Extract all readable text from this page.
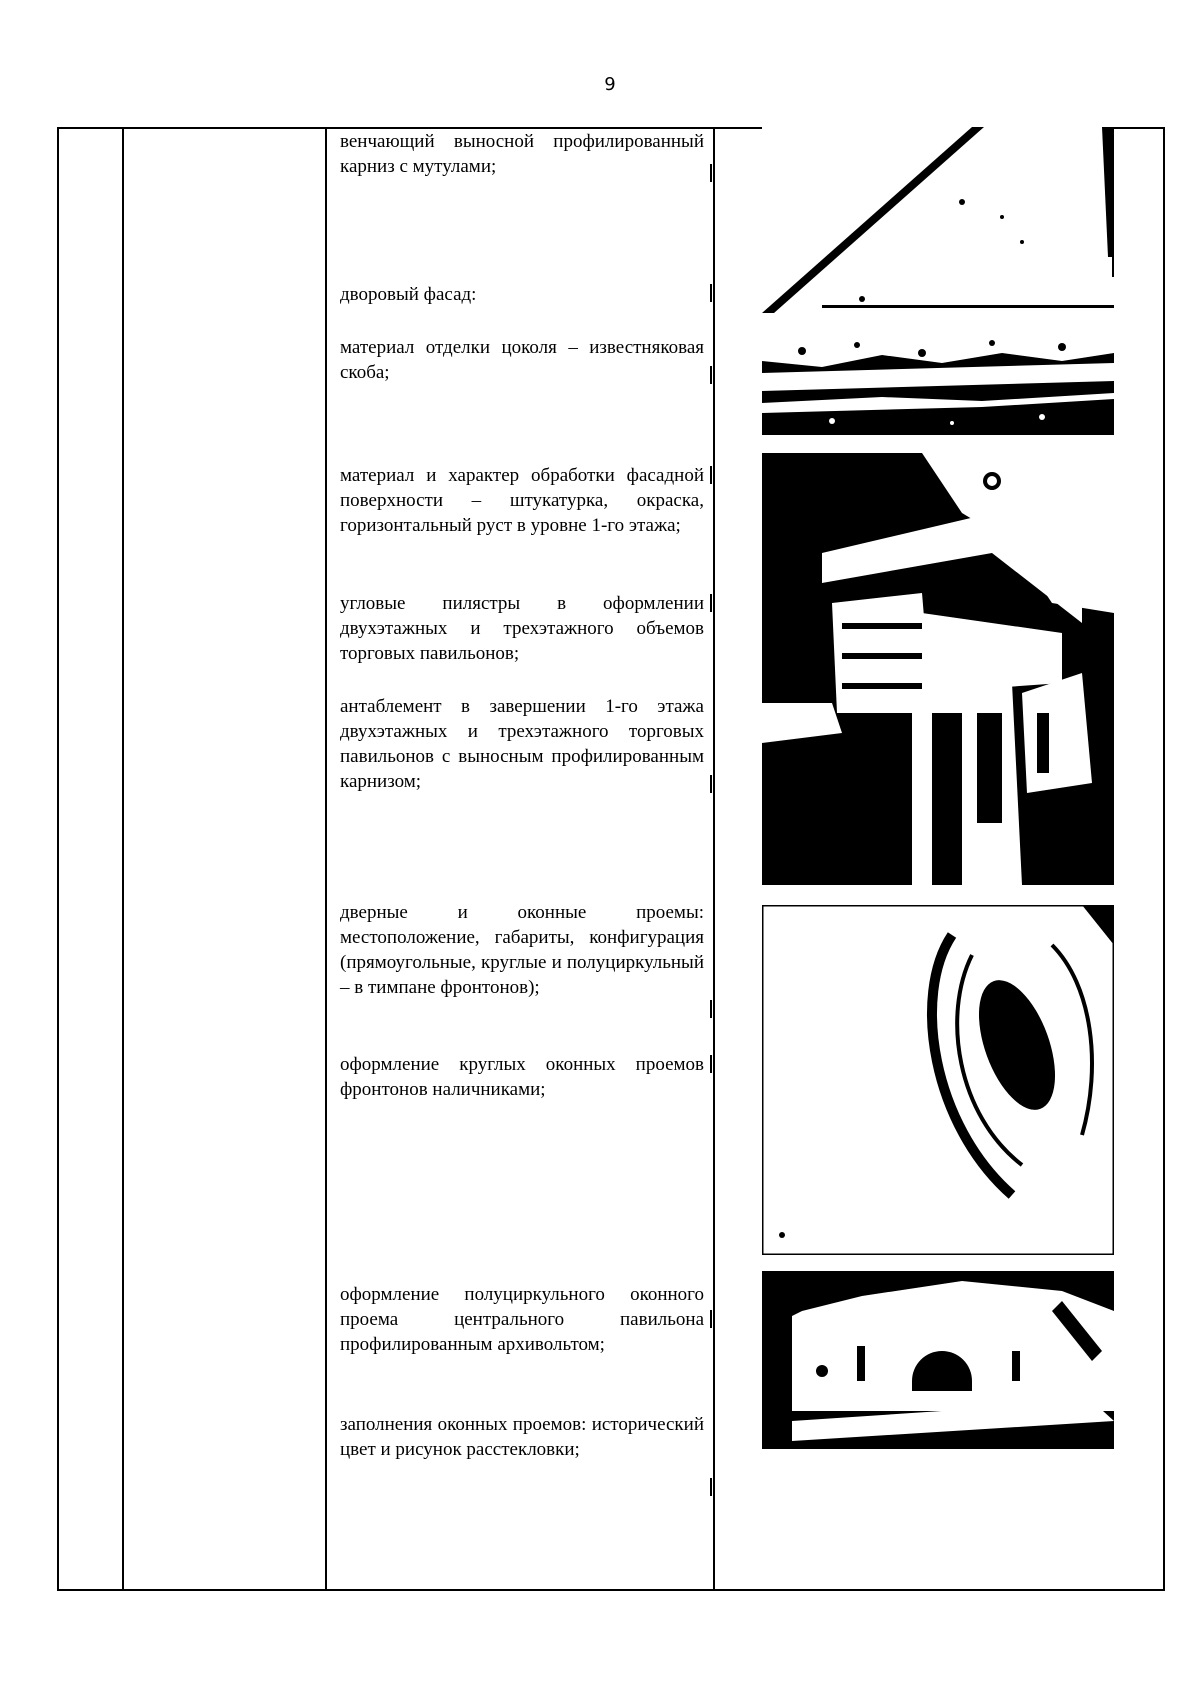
9
венчающий выносной профилированный карниз с мутулами;
дворовый фасад:
материал отделки цоколя – известняковая скоба;
материал и характер обработки фасадной поверхности – штукатурка, окраска, горизонтальный руст в уровне 1-го этажа;
угловые пилястры в оформлении двухэтажных и трехэтажного объемов торговых павильонов;
антаблемент в завершении 1-го этажа двухэтажных и трехэтажного торговых павильонов с выносным профилированным карнизом;
дверные и оконные проемы: местоположение, габариты, конфигурация (прямоугольные, круглые и полуциркульный – в тимпане фронтонов);
оформление круглых оконных проемов фронтонов наличниками;
оформление полуциркульного оконного проема центрального павильона профилированным архивольтом;
заполнения оконных проемов: исторический цвет и рисунок расстекловки;
